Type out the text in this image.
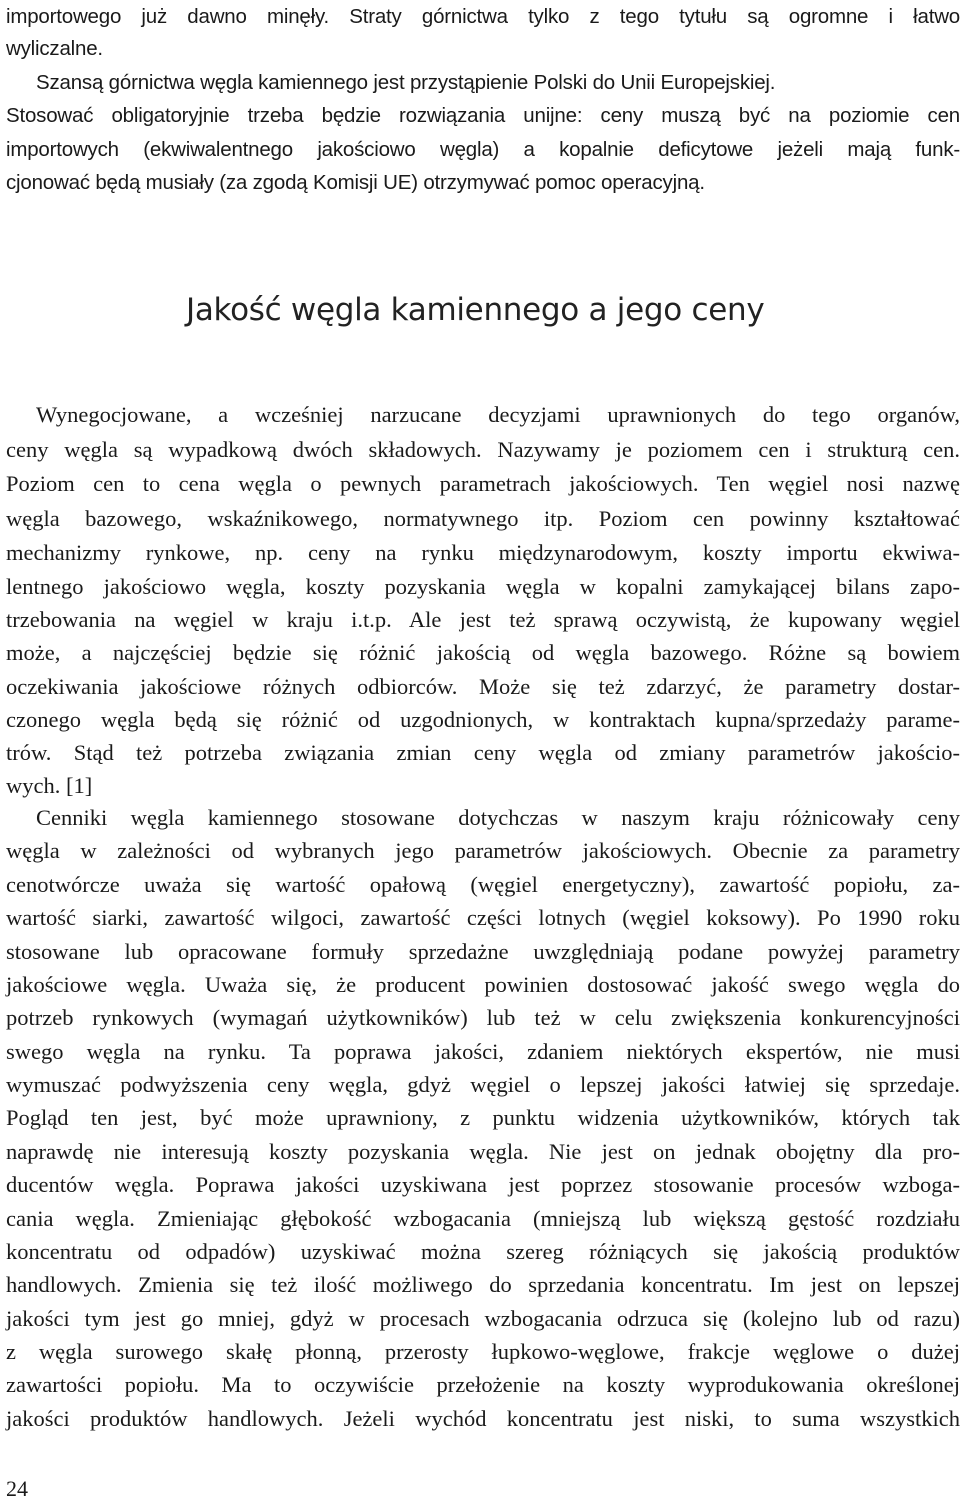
importowego już dawno minęły. Straty górnictwa tylko z tego tytułu są ogromne i łatwo
wyliczalne.
Szansą górnictwa węgla kamiennego jest przystąpienie Polski do Unii Europejskiej.
Stosować obligatoryjnie trzeba będzie rozwiązania unijne: ceny muszą być na poziomie cen
importowych (ekwiwalentnego jakościowo węgla) a kopalnie deficytowe jeżeli mają funk-
cjonować będą musiały (za zgodą Komisji UE) otrzymywać pomoc operacyjną.
Jakość węgla kamiennego a jego ceny
Wynegocjowane, a wcześniej narzucane decyzjami uprawnionych do tego organów,
ceny węgla są wypadkową dwóch składowych. Nazywamy je poziomem cen i strukturą cen.
Poziom cen to cena węgla o pewnych parametrach jakościowych. Ten węgiel nosi nazwę
węgla bazowego, wskaźnikowego, normatywnego itp. Poziom cen powinny kształtować
mechanizmy rynkowe, np. ceny na rynku międzynarodowym, koszty importu ekwiwa-
lentnego jakościowo węgla, koszty pozyskania węgla w kopalni zamykającej bilans zapo-
trzebowania na węgiel w kraju i.t.p. Ale jest też sprawą oczywistą, że kupowany węgiel
może, a najczęściej będzie się różnić jakością od węgla bazowego. Różne są bowiem
oczekiwania jakościowe różnych odbiorców. Może się też zdarzyć, że parametry dostar-
czonego węgla będą się różnić od uzgodnionych, w kontraktach kupna/sprzedaży parame-
trów. Stąd też potrzeba związania zmian ceny węgla od zmiany parametrów jakościo-
wych. [1]
Cenniki węgla kamiennego stosowane dotychczas w naszym kraju różnicowały ceny
węgla w zależności od wybranych jego parametrów jakościowych. Obecnie za parametry
cenotwórcze uważa się wartość opałową (węgiel energetyczny), zawartość popiołu, za-
wartość siarki, zawartość wilgoci, zawartość części lotnych (węgiel koksowy). Po 1990 roku
stosowane lub opracowane formuły sprzedażne uwzględniają podane powyżej parametry
jakościowe węgla. Uważa się, że producent powinien dostosować jakość swego węgla do
potrzeb rynkowych (wymagań użytkowników) lub też w celu zwiększenia konkurencyjności
swego węgla na rynku. Ta poprawa jakości, zdaniem niektórych ekspertów, nie musi
wymuszać podwyższenia ceny węgla, gdyż węgiel o lepszej jakości łatwiej się sprzedaje.
Pogląd ten jest, być może uprawniony, z punktu widzenia użytkowników, których tak
naprawdę nie interesują koszty pozyskania węgla. Nie jest on jednak obojętny dla pro-
ducentów węgla. Poprawa jakości uzyskiwana jest poprzez stosowanie procesów wzboga-
cania węgla. Zmieniając głębokość wzbogacania (mniejszą lub większą gęstość rozdziału
koncentratu od odpadów) uzyskiwać można szereg różniących się jakością produktów
handlowych. Zmienia się też ilość możliwego do sprzedania koncentratu. Im jest on lepszej
jakości tym jest go mniej, gdyż w procesach wzbogacania odrzuca się (kolejno lub od razu)
z węgla surowego skałę płonną, przerosty łupkowo-węglowe, frakcje węglowe o dużej
zawartości popiołu. Ma to oczywiście przełożenie na koszty wyprodukowania określonej
jakości produktów handlowych. Jeżeli wychód koncentratu jest niski, to suma wszystkich
24
